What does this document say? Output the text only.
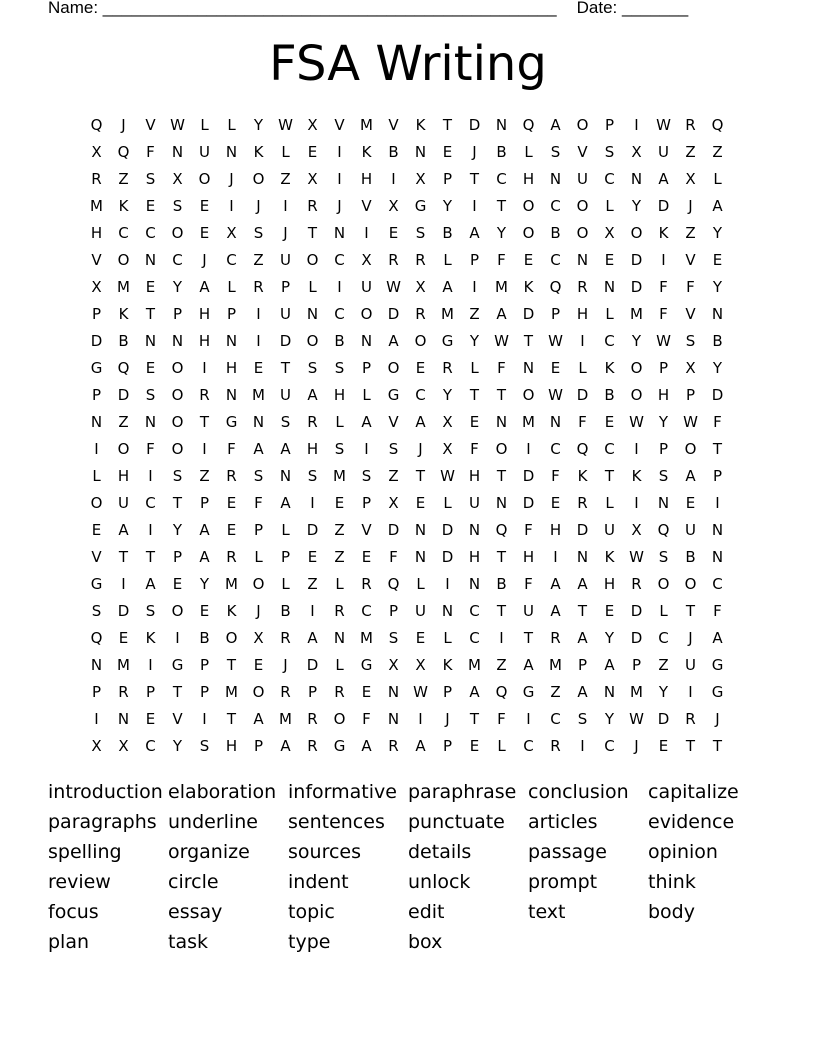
Name: ________________________________________________ Date: _______
FSA Writing
Q	J	V W	L	L	Y	W X	V	M	V	K	T	D	N	Q	A	O	P	I	W R	Q
X	Q	F	N	U	N	K	L	E	I	K	B	N	E	J	B	L	S	V	S	X	U	Z	Z
R	Z	S	X	O	J	O	Z	X	I	H	I	X	P	T	C	H	N	U	C	N	A	X	L
M	K	E	S	E	I	J	I	R	J	V	X	G	Y	I	T	O	C	O	L	Y	D	J	A
H	C	C	O	E	X	S	J	T	N	I	E	S	B	A	Y	O	B	O	X	O	K	Z	Y
V	O	N	C	J	C	Z	U	O	C	X	R	R	L	P	F	E	C	N	E	D	I	V	E
X	M	E	Y	A	L	R	P	L	I	U W X	A	I	M	K	Q	R	N	D	F	F	Y
P	K	T	P	H	P	I	U	N	C	O	D	R	M	Z	A	D	P	H	L	M	F	V	N
D	B	N	N	H	N	I	D	O	B	N	A	O	G	Y	W T	W	I	C	Y	W S	B
G	Q	E	O	I	H	E	T	S	S	P	O	E	R	L	F	N	E	L	K	O	P	X	Y
P	D	S	O	R	N M	U	A	H	L	G	C	Y	T	T	O W D	B	O	H	P	D
N	Z	N	O	T	G	N	S	R	L	A	V	A	X	E	N M N	F	E W Y	W	F
I	O	F	O	I	F	A	A	H	S	I	S	J	X	F	O	I	C	Q	C	I	P	O	T
L	H	I	S	Z	R	S	N	S	M	S	Z	T	W H	T	D	F	K	T	K	S	A	P
O	U	C	T	P	E	F	A	I	E	P	X	E	L	U	N	D	E	R	L	I	N	E	I
E	A	I	Y	A	E	P	L	D	Z	V	D	N	D	N	Q	F	H	D	U	X	Q	U	N
V	T	T	P	A	R	L	P	E	Z	E	F	N	D	H	T	H	I	N	K W S	B	N
G	I	A	E	Y	M O	L	Z	L	R	Q	L	I	N	B	F	A	A	H	R	O	O	C
S	D	S	O	E	K	J	B	I	R	C	P	U	N	C	T	U	A	T	E	D	L	T	F
Q	E	K	I	B	O	X	R	A	N M	S	E	L	C	I	T	R	A	Y	D	C	J	A
N M	I	G	P	T	E	J	D	L	G	X	X	K	M	Z	A	M	P	A	P	Z	U	G
P	R	P	T	P	M O	R	P	R	E	N W	P	A	Q	G	Z	A	N M	Y	I	G
I	N	E	V	I	T	A	M	R	O	F	N	I	J	T	F	I	C	S	Y	W D	R	J
X	X	C	Y	S	H	P	A	R	G	A	R	A	P	E	L	C	R	I	C	J	E	T	T
introduction elaboration informative paraphrase conclusion	capitalize
paragraphs underline	sentences	punctuate	articles	evidence
spelling	organize	sources	details	passage	opinion
review	circle	indent	unlock	prompt	think
focus	essay	topic	edit	text	body
plan	task	type	box
